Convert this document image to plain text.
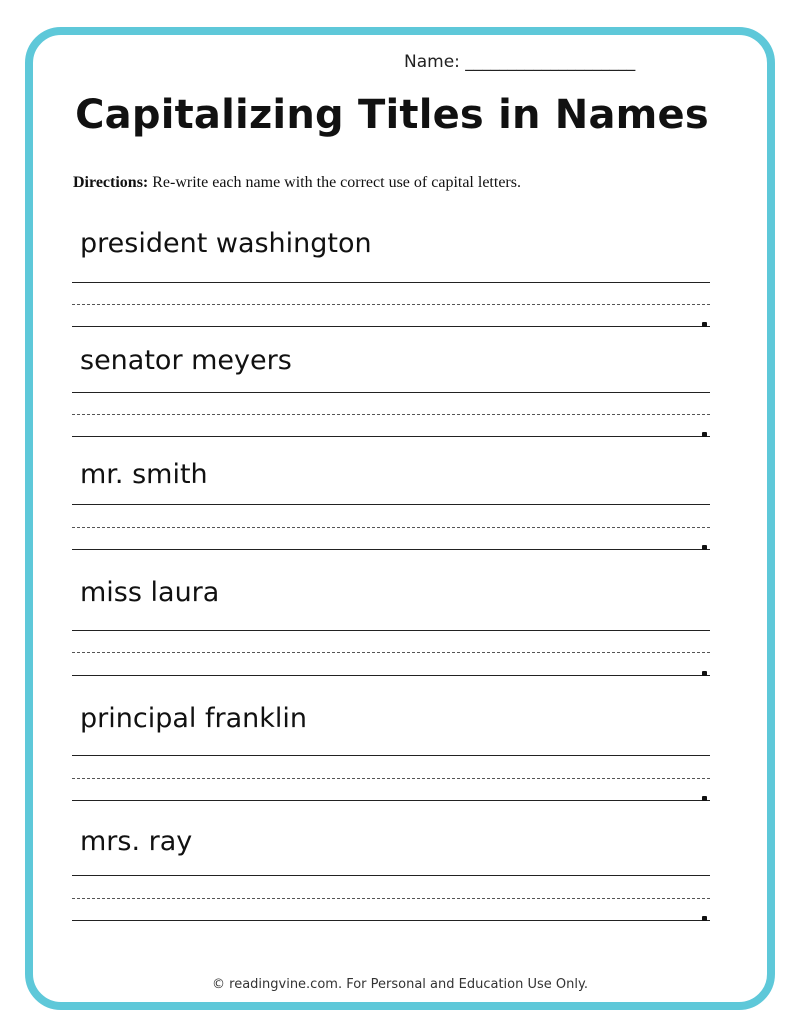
Name: ____________________
Capitalizing Titles in Names
Directions: Re-write each name with the correct use of capital letters.
president washington
senator meyers
mr. smith
miss laura
principal franklin
mrs. ray
© readingvine.com. For Personal and Education Use Only.
